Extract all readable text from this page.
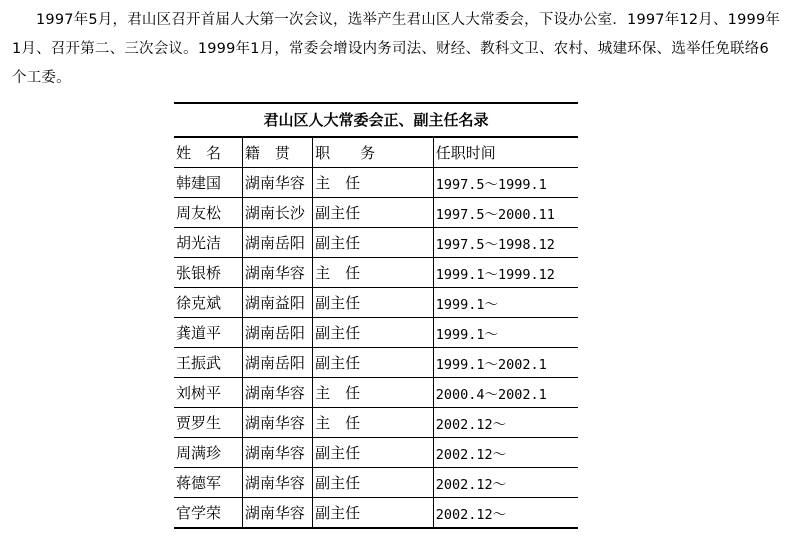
1997年5月，君山区召开首届人大第一次会议，选举产生君山区人大常委会，下设办公室．1997年12月、1999年1月、召开第二、三次会议。1999年1月，常委会增设内务司法、财经、教科文卫、农村、城建环保、选举任免联络6个工委。
君山区人大常委会正、副主任名录
姓　名	籍　贯	职　　务	任职时间
韩建国	湖南华容	主　任	1997.5～1999.1
周友松	湖南长沙	副主任	1997.5～2000.11
胡光洁	湖南岳阳	副主任	1997.5～1998.12
张银桥	湖南华容	主　任	1999.1～1999.12
徐克斌	湖南益阳	副主任	1999.1～
龚道平	湖南岳阳	副主任	1999.1～
王振武	湖南岳阳	副主任	1999.1～2002.1
刘树平	湖南华容	主　任	2000.4～2002.1
贾罗生	湖南华容	主　任	2002.12～
周满珍	湖南华容	副主任	2002.12～
蒋德军	湖南华容	副主任	2002.12～
官学荣	湖南华容	副主任	2002.12～
